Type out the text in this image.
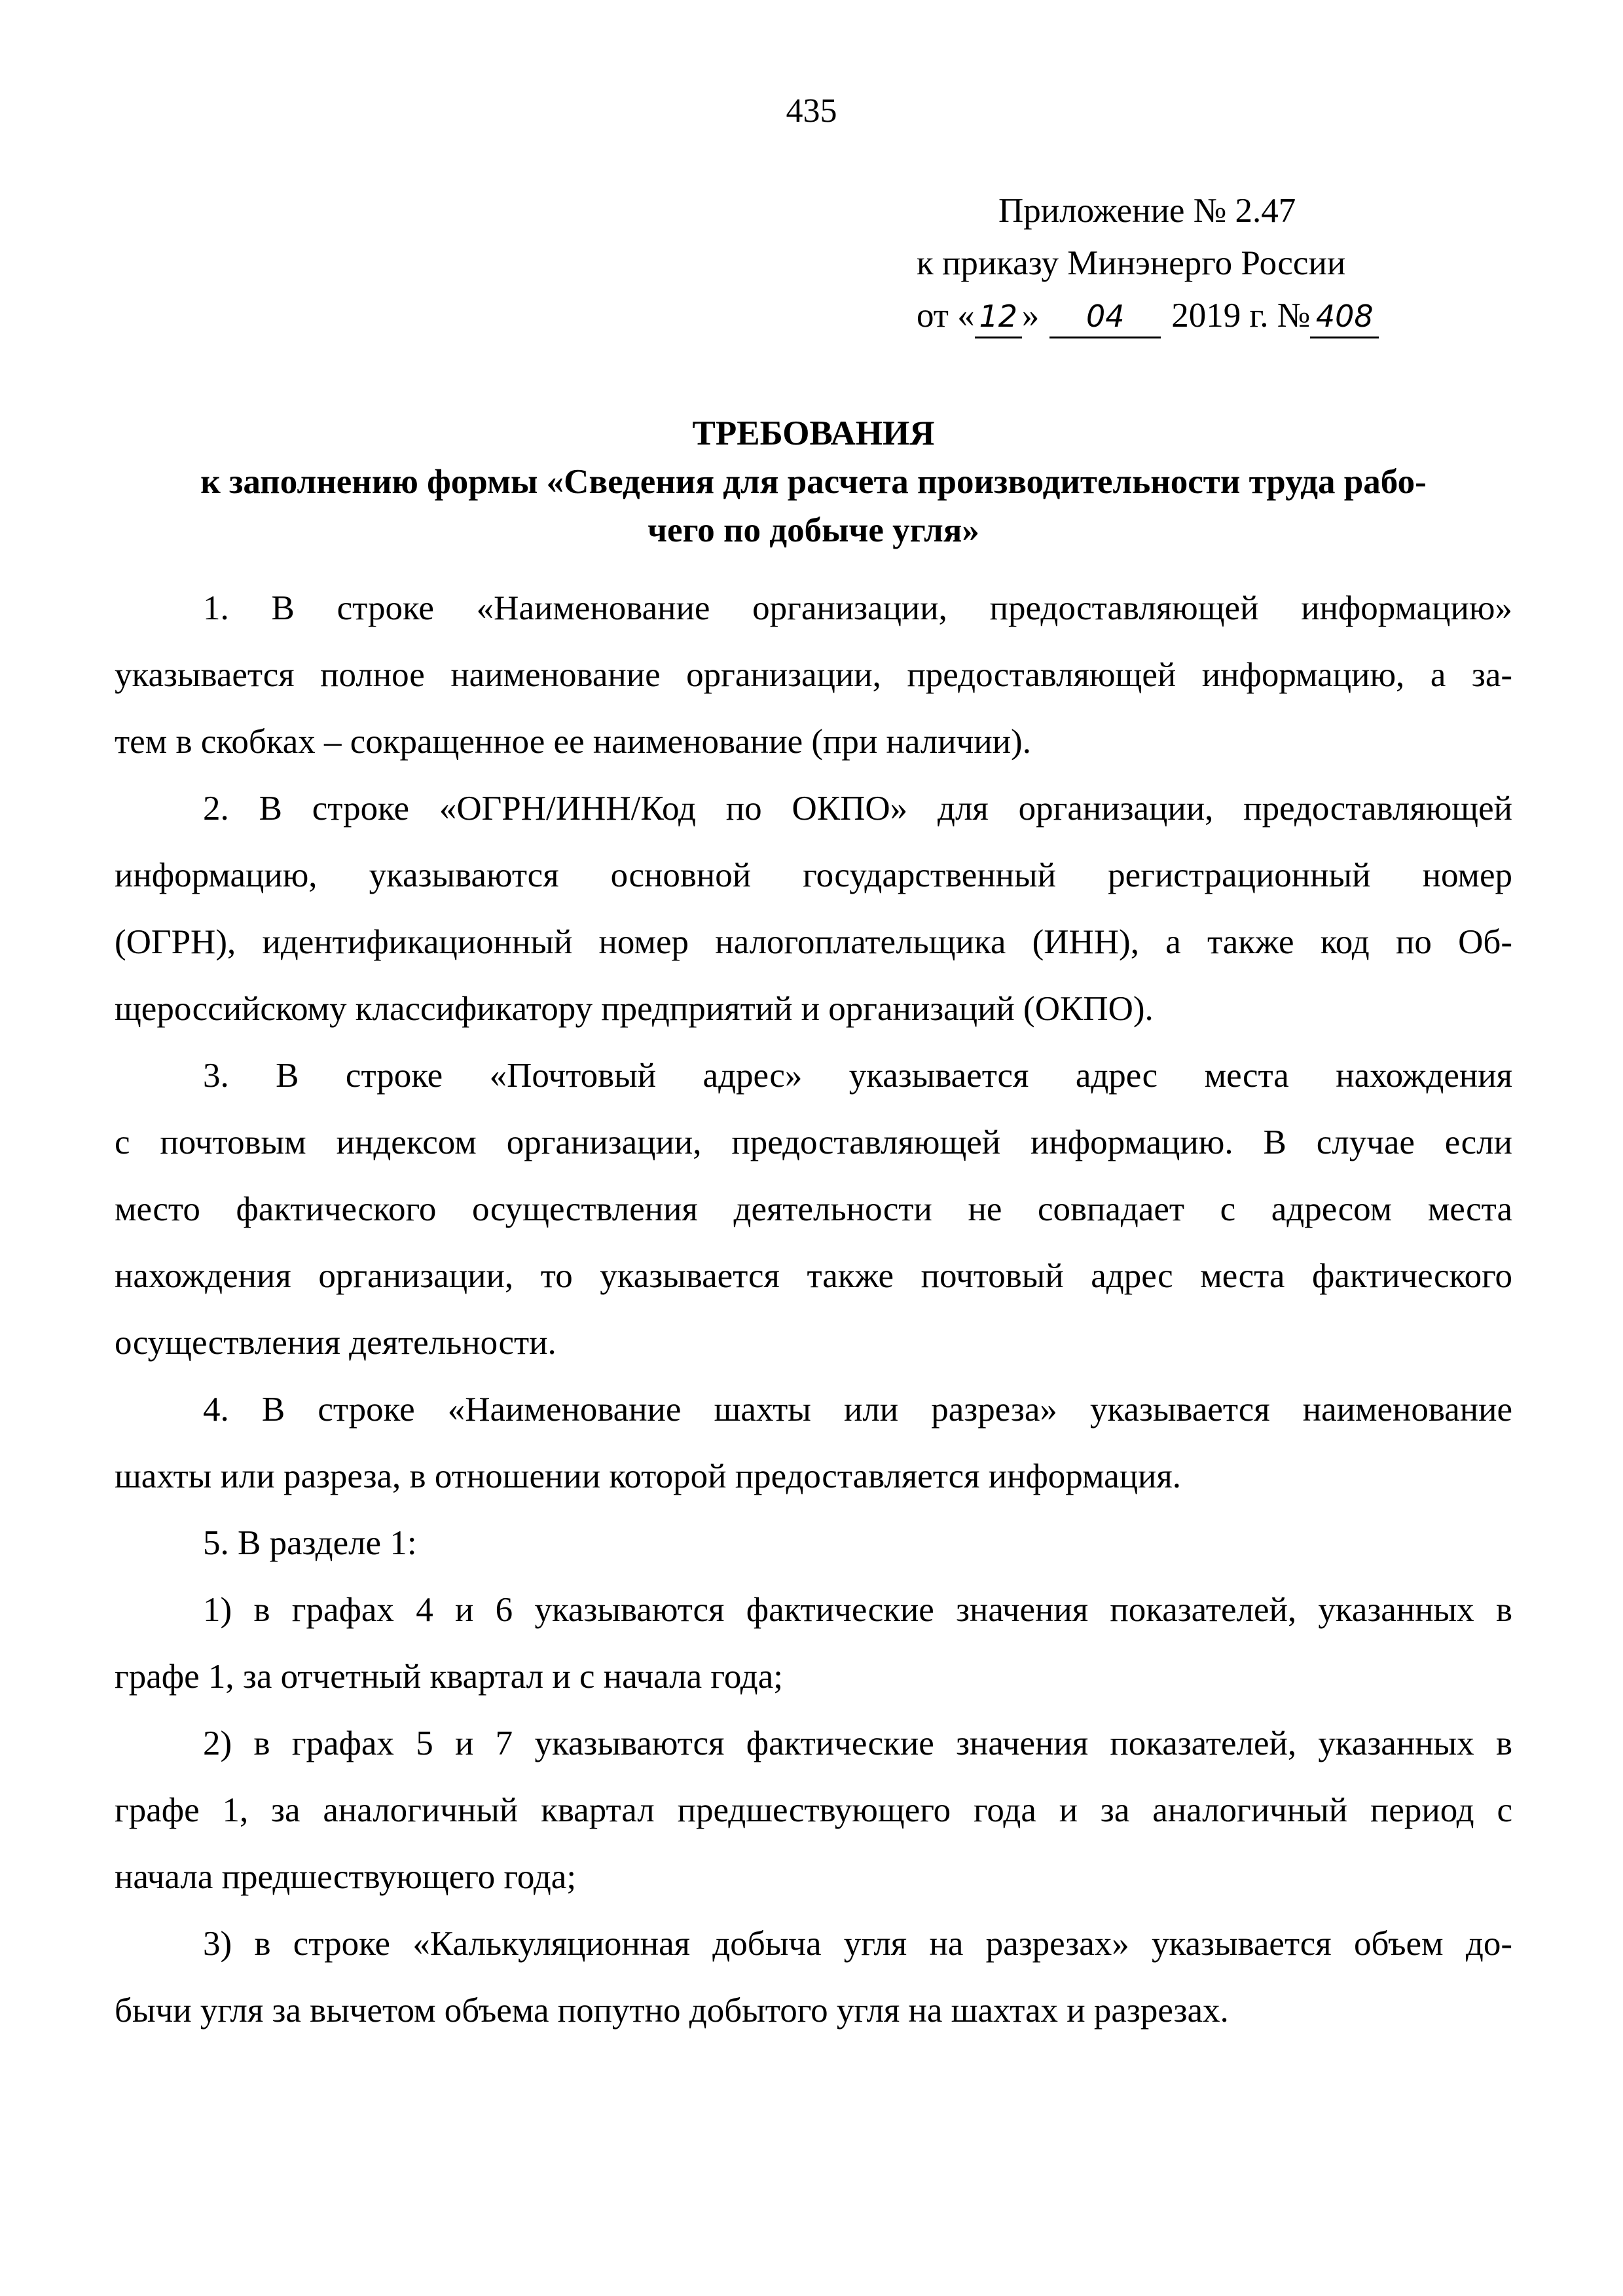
435
Приложение № 2.47
к приказу Минэнерго России
от « 12 » 04 2019 г. № 408
ТРЕБОВАНИЯ
к заполнению формы «Сведения для расчета производительности труда рабо-
чего по добыче угля»
1. В строке «Наименование организации, предоставляющей информацию»
указывается полное наименование организации, предоставляющей информацию, а за-
тем в скобках – сокращенное ее наименование (при наличии).
2. В строке «ОГРН/ИНН/Код по ОКПО» для организации, предоставляющей
информацию, указываются основной государственный регистрационный номер
(ОГРН), идентификационный номер налогоплательщика (ИНН), а также код по Об-
щероссийскому классификатору предприятий и организаций (ОКПО).
3. В строке «Почтовый адрес» указывается адрес места нахождения
с почтовым индексом организации, предоставляющей информацию. В случае если
место фактического осуществления деятельности не совпадает с адресом места
нахождения организации, то указывается также почтовый адрес места фактического
осуществления деятельности.
4. В строке «Наименование шахты или разреза» указывается наименование
шахты или разреза, в отношении которой предоставляется информация.
5. В разделе 1:
1) в графах 4 и 6 указываются фактические значения показателей, указанных в
графе 1, за отчетный квартал и с начала года;
2) в графах 5 и 7 указываются фактические значения показателей, указанных в
графе 1, за аналогичный квартал предшествующего года и за аналогичный период с
начала предшествующего года;
3) в строке «Калькуляционная добыча угля на разрезах» указывается объем до-
бычи угля за вычетом объема попутно добытого угля на шахтах и разрезах.
